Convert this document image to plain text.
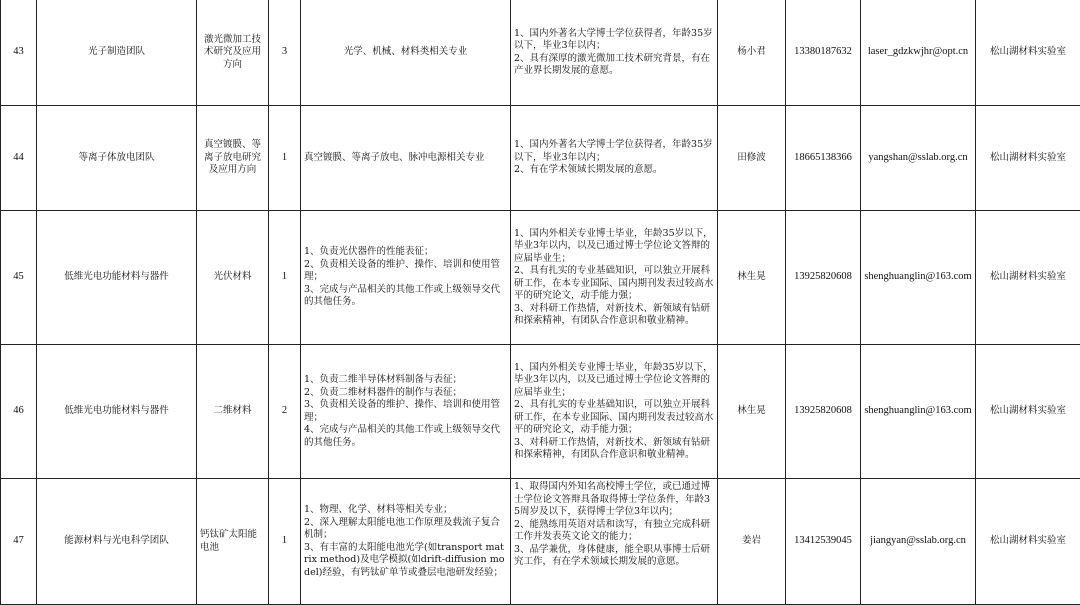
43	光子制造团队	激光微加工技术研究及应用方向	3	光学、机械、材料类相关专业	1、国内外著名大学博士学位获得者，年龄35岁以下，毕业3年以内；
2、具有深厚的激光微加工技术研究背景，有在产业界长期发展的意愿。	杨小君	13380187632	laser_gdzkwjhr@opt.cn	松山湖材料实验室
44	等离子体放电团队	真空镀膜、等离子放电研究及应用方向	1	真空镀膜、等离子放电、脉冲电源相关专业	1、国内外著名大学博士学位获得者，年龄35岁以下，毕业3年以内；
2、有在学术领域长期发展的意愿。	田修波	18665138366	yangshan@sslab.org.cn	松山湖材料实验室
45	低维光电功能材料与器件	光伏材料	1	1、负责光伏器件的性能表征；
2、负责相关设备的维护、操作、培训和使用管理；
3、完成与产品相关的其他工作或上级领导交代的其他任务。	1、国内外相关专业博士毕业，年龄35岁以下，毕业3年以内，以及已通过博士学位论文答辩的应届毕业生；
2、具有扎实的专业基础知识，可以独立开展科研工作，在本专业国际、国内期刊发表过较高水平的研究论文，动手能力强；
3、对科研工作热情，对新技术、新领域有钻研和探索精神，有团队合作意识和敬业精神。	林生晃	13925820608	shenghuanglin@163.com	松山湖材料实验室
46	低维光电功能材料与器件	二维材料	2	1、负责二维半导体材料制备与表征；
2、负责二维材料器件的制作与表征；
3、负责相关设备的维护、操作、培训和使用管理；
4、完成与产品相关的其他工作或上级领导交代的其他任务。	1、国内外相关专业博士毕业，年龄35岁以下，毕业3年以内，以及已通过博士学位论文答辩的应届毕业生；
2、具有扎实的专业基础知识，可以独立开展科研工作，在本专业国际、国内期刊发表过较高水平的研究论文，动手能力强；
3、对科研工作热情，对新技术、新领域有钻研和探索精神，有团队合作意识和敬业精神。	林生晃	13925820608	shenghuanglin@163.com	松山湖材料实验室
47	能源材料与光电科学团队	钙钛矿太阳能电池	1	1、物理、化学、材料等相关专业；
2、深入理解太阳能电池工作原理及载流子复合机制；
3、有丰富的太阳能电池光学(如transport matrix method)及电学模拟(如drift-diffusion model)经验，有钙钛矿单节或叠层电池研发经验；	1、取得国内外知名高校博士学位，或已通过博士学位论文答辩具备取得博士学位条件，年龄35周岁及以下，获得博士学位3年以内；
2、能熟练用英语对话和读写，有独立完成科研工作并发表英文论文的能力；
3、品学兼优，身体健康，能全职从事博士后研究工作，有在学术领域长期发展的意愿。	姜岩	13412539045	jiangyan@sslab.org.cn	松山湖材料实验室
